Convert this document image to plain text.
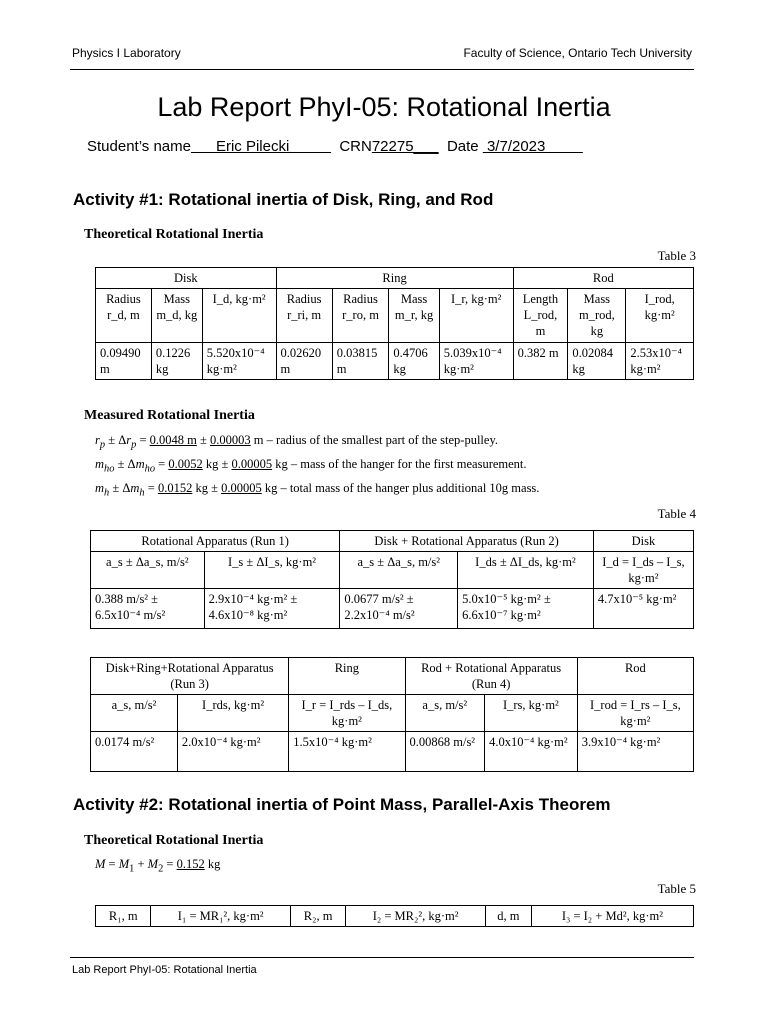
Physics I Laboratory	Faculty of Science, Ontario Tech University
Lab Report PhyI-05: Rotational Inertia
Student’s name      Eric Pilecki            CRN72275___ Date  3/7/2023
Activity #1: Rotational inertia of Disk, Ring, and Rod
Theoretical Rotational Inertia
Table 3
Disk			Ring				Rod		
Radius r_d, m	Mass m_d, kg	I_d, kg·m²	Radius r_ri, m	Radius r_ro, m	Mass m_r, kg	I_r, kg·m²	Length L_rod, m	Mass m_rod, kg	I_rod, kg·m²
0.09490 m	0.1226 kg	5.520x10⁻⁴ kg·m²	0.02620 m	0.03815 m	0.4706 kg	5.039x10⁻⁴ kg·m²	0.382 m	0.02084 kg	2.53x10⁻⁴ kg·m²
Measured Rotational Inertia
$r_p \pm \Delta r_p = 0.0048$ m ± 0.00003 m – radius of the smallest part of the step-pulley.
$m_{ho} \pm \Delta m_{ho} = 0.0052$ kg ± 0.00005 kg – mass of the hanger for the first measurement.
$m_h \pm \Delta m_h = 0.0152$ kg ± 0.00005 kg – total mass of the hanger plus additional 10g mass.
Table 4
Rotational Apparatus (Run 1)		Disk + Rotational Apparatus (Run 2)		Disk
a_s ± Δa_s, m/s²	I_s ± ΔI_s, kg·m²	a_s ± Δa_s, m/s²	I_ds ± ΔI_ds, kg·m²	I_d = I_ds – I_s, kg·m²
0.388 m/s² ± 6.5x10⁻⁴ m/s²	2.9x10⁻⁴ kg·m² ± 4.6x10⁻⁸ kg·m²	0.0677 m/s² ± 2.2x10⁻⁴ m/s²	5.0x10⁻⁵ kg·m² ± 6.6x10⁻⁷ kg·m²	4.7x10⁻⁵ kg·m²
Disk+Ring+Rotational Apparatus (Run 3)		Ring	Rod + Rotational Apparatus (Run 4)		Rod
a_s, m/s²	I_rds, kg·m²	I_r = I_rds – I_ds, kg·m²	a_s, m/s²	I_rs, kg·m²	I_rod = I_rs – I_s, kg·m²
0.0174 m/s²	2.0x10⁻⁴ kg·m²	1.5x10⁻⁴ kg·m²	0.00868 m/s²	4.0x10⁻⁴ kg·m²	3.9x10⁻⁴ kg·m²
Activity #2: Rotational inertia of Point Mass, Parallel-Axis Theorem
Theoretical Rotational Inertia
$M = M_1 + M_2 = 0.152$ kg
Table 5
R₁, m	I₁ = MR₁², kg·m²	R₂, m	I₂ = MR₂², kg·m²	d, m	I₃ = I₂ + Md², kg·m²
Lab Report PhyI-05: Rotational Inertia
